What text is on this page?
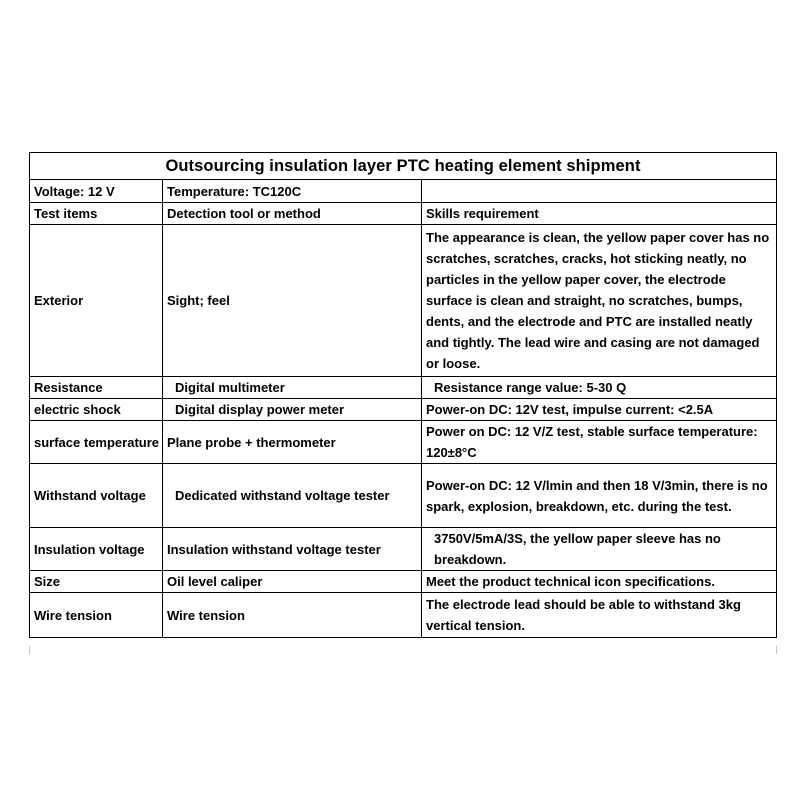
Outsourcing insulation layer PTC heating element shipment		
Voltage: 12 V	Temperature: TC120C	
Test items	Detection tool or method	Skills requirement
Exterior	Sight; feel	The appearance is clean, the yellow paper cover has no scratches, scratches, cracks, hot sticking neatly, no particles in the yellow paper cover, the electrode surface is clean and straight, no scratches, bumps, dents, and the electrode and PTC are installed neatly and tightly. The lead wire and casing are not damaged or loose.
Resistance	Digital multimeter	Resistance range value: 5-30 Q
electric shock	Digital display power meter	Power-on DC: 12V test, impulse current: <2.5A
surface temperature	Plane probe + thermometer	Power on DC: 12 V/Z test, stable surface temperature: 120±8°C
Withstand voltage	Dedicated withstand voltage tester	Power-on DC: 12 V/lmin and then 18 V/3min, there is no spark, explosion, breakdown, etc. during the test.
Insulation voltage	Insulation withstand voltage tester	3750V/5mA/3S, the yellow paper sleeve has no breakdown.
Size	Oil level caliper	Meet the product technical icon specifications.
Wire tension	Wire tension	The electrode lead should be able to withstand 3kg vertical tension.
